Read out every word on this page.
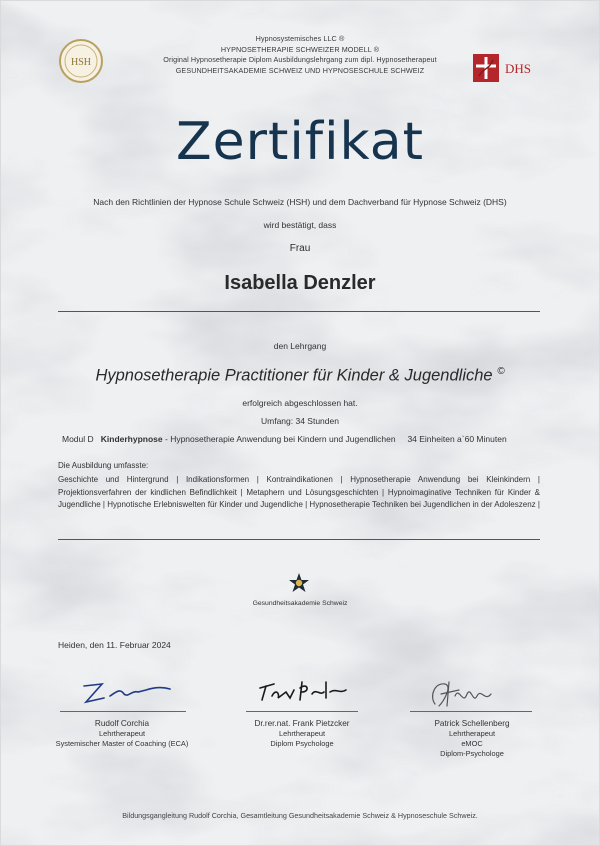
HSH
Hypnosystemisches LLC ®
HYPNOSETHERAPIE SCHWEIZER MODELL ®
Original Hypnosetherapie Diplom Ausbildungslehrgang zum dipl. Hypnosetherapeut
GESUNDHEITSAKADEMIE SCHWEIZ UND HYPNOSESCHULE SCHWEIZ	DHS
Zertifikat
Nach den Richtlinien der Hypnose Schule Schweiz (HSH) und dem Dachverband für Hypnose Schweiz (DHS)
wird bestätigt, dass
Frau
Isabella Denzler
den Lehrgang
Hypnosetherapie Practitioner für Kinder & Jugendliche ©
erfolgreich abgeschlossen hat.
Umfang: 34 Stunden
Modul D Kinderhypnose - Hypnosetherapie Anwendung bei Kindern und Jugendlichen 34 Einheiten a`60 Minuten
Die Ausbildung umfasste:
Geschichte und Hintergrund | Indikationsformen | Kontraindikationen | Hypnosetherapie Anwendung bei Kleinkindern | Projektionsverfahren der kindlichen Befindlichkeit | Metaphern und Lösungsgeschichten | Hypnoimaginative Techniken für Kinder & Jugendliche | Hypnotische Erlebniswelten für Kinder und Jugendliche | Hypnosetherapie Techniken bei Jugendlichen in der Adoleszenz |
Gesundheitsakademie Schweiz
Heiden, den 11. Februar 2024
Rudolf Corchia
Lehrtherapeut
Systemischer Master of Coaching (ECA)
Dr.rer.nat. Frank Pietzcker
Lehrtherapeut
Diplom Psychologe
Patrick Schellenberg
Lehrtherapeut
eMOC
Diplom-Psychologe
Bildungsgangleitung Rudolf Corchia, Gesamtleitung Gesundheitsakademie Schweiz & Hypnoseschule Schweiz.
